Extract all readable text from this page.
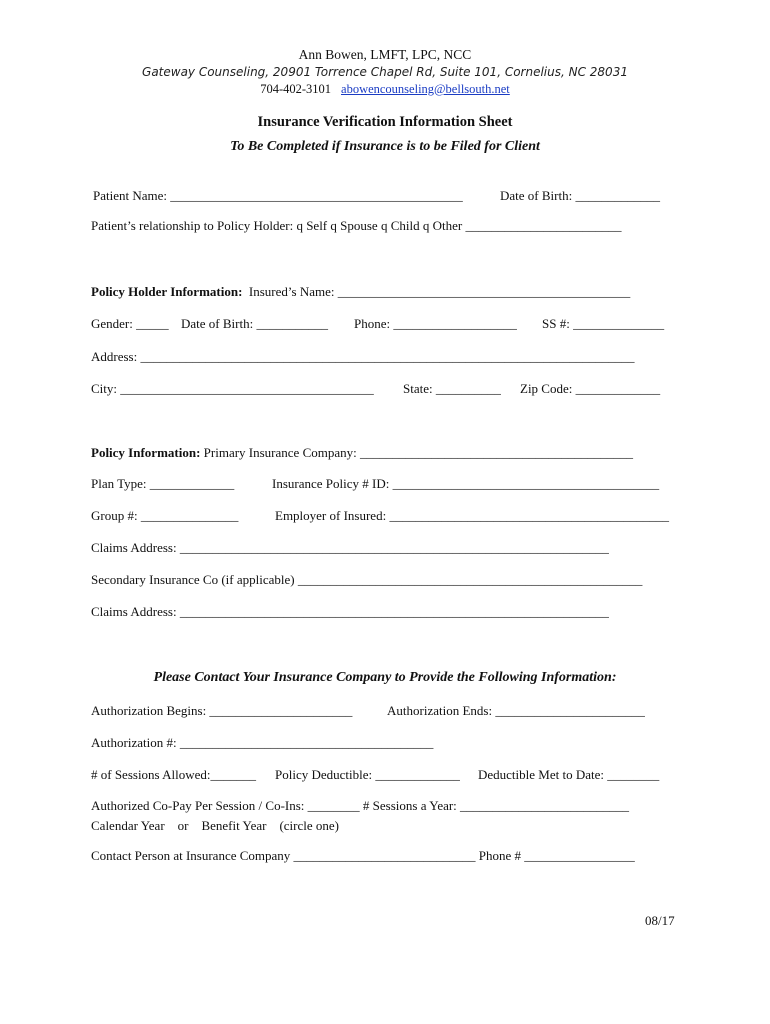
Ann Bowen, LMFT, LPC, NCC
Gateway Counseling, 20901 Torrence Chapel Rd, Suite 101, Cornelius, NC 28031
704-402-3101 abowencounseling@bellsouth.net
Insurance Verification Information Sheet
To Be Completed if Insurance is to be Filed for Client
Patient Name: _____________________________________________	Date of Birth: _____________
Patient’s relationship to Policy Holder: q Self q Spouse q Child q Other ________________________
Policy Holder Information: Insured’s Name: _____________________________________________
Gender: _____ Date of Birth: ___________ Phone: ___________________ SS #: ______________
Address: ____________________________________________________________________________
City: _______________________________________ State: __________ Zip Code: _____________
Policy Information: Primary Insurance Company: __________________________________________
Plan Type: _____________	Insurance Policy # ID: _________________________________________
Group #: _______________	Employer of Insured: ___________________________________________
Claims Address: __________________________________________________________________
Secondary Insurance Co (if applicable) _____________________________________________________
Claims Address: __________________________________________________________________
Please Contact Your Insurance Company to Provide the Following Information:
Authorization Begins: ______________________	Authorization Ends: _______________________
Authorization #: _______________________________________
# of Sessions Allowed:_______ Policy Deductible: _____________ Deductible Met to Date: ________
Authorized Co-Pay Per Session / Co-Ins: ________ # Sessions a Year: __________________________
Calendar Year    or    Benefit Year    (circle one)
Contact Person at Insurance Company ____________________________ Phone # _________________
08/17
